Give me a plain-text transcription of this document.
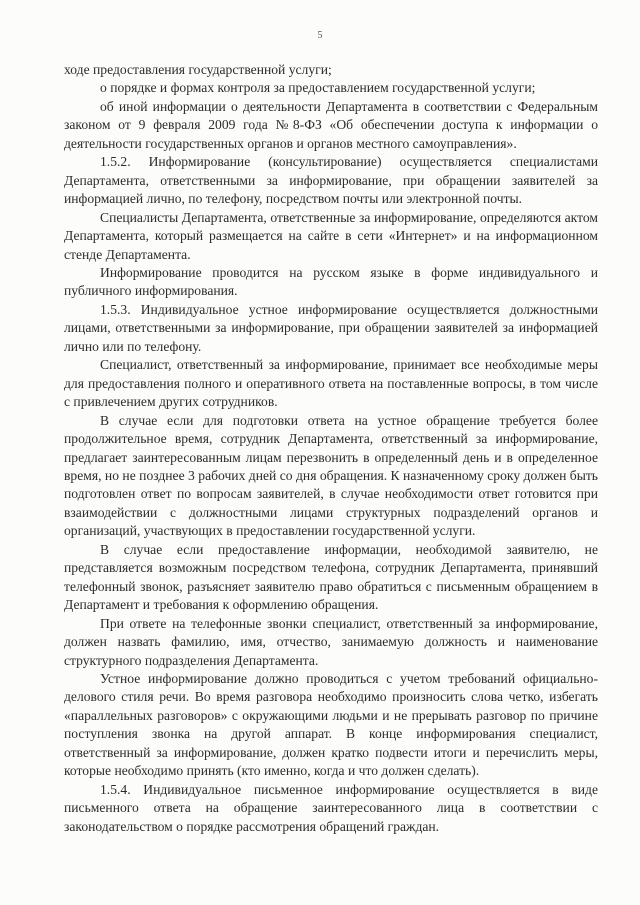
5

ходе предоставления государственной услуги;

о порядке и формах контроля за предоставлением государственной услуги;

об иной информации о деятельности Департамента в соответствии с Федеральным законом от 9 февраля 2009 года №8-ФЗ «Об обеспечении доступа к информации о деятельности государственных органов и органов местного самоуправления».

1.5.2. Информирование (консультирование) осуществляется специалистами Департамента, ответственными за информирование, при обращении заявителей за информацией лично, по телефону, посредством почты или электронной почты.

Специалисты Департамента, ответственные за информирование, определяются актом Департамента, который размещается на сайте в сети «Интернет» и на информационном стенде Департамента.

Информирование проводится на русском языке в форме индивидуального и публичного информирования.

1.5.3. Индивидуальное устное информирование осуществляется должностными лицами, ответственными за информирование, при обращении заявителей за информацией лично или по телефону.

Специалист, ответственный за информирование, принимает все необходимые меры для предоставления полного и оперативного ответа на поставленные вопросы, в том числе с привлечением других сотрудников.

В случае если для подготовки ответа на устное обращение требуется более продолжительное время, сотрудник Департамента, ответственный за информирование, предлагает заинтересованным лицам перезвонить в определенный день и в определенное время, но не позднее 3 рабочих дней со дня обращения. К назначенному сроку должен быть подготовлен ответ по вопросам заявителей, в случае необходимости ответ готовится при взаимодействии с должностными лицами структурных подразделений органов и организаций, участвующих в предоставлении государственной услуги.

В случае если предоставление информации, необходимой заявителю, не представляется возможным посредством телефона, сотрудник Департамента, принявший телефонный звонок, разъясняет заявителю право обратиться с письменным обращением в Департамент и требования к оформлению обращения.

При ответе на телефонные звонки специалист, ответственный за информирование, должен назвать фамилию, имя, отчество, занимаемую должность и наименование структурного подразделения Департамента.

Устное информирование должно проводиться с учетом требований официально-делового стиля речи. Во время разговора необходимо произносить слова четко, избегать «параллельных разговоров» с окружающими людьми и не прерывать разговор по причине поступления звонка на другой аппарат. В конце информирования специалист, ответственный за информирование, должен кратко подвести итоги и перечислить меры, которые необходимо принять (кто именно, когда и что должен сделать).

1.5.4. Индивидуальное письменное информирование осуществляется в виде письменного ответа на обращение заинтересованного лица в соответствии с законодательством о порядке рассмотрения обращений граждан.
